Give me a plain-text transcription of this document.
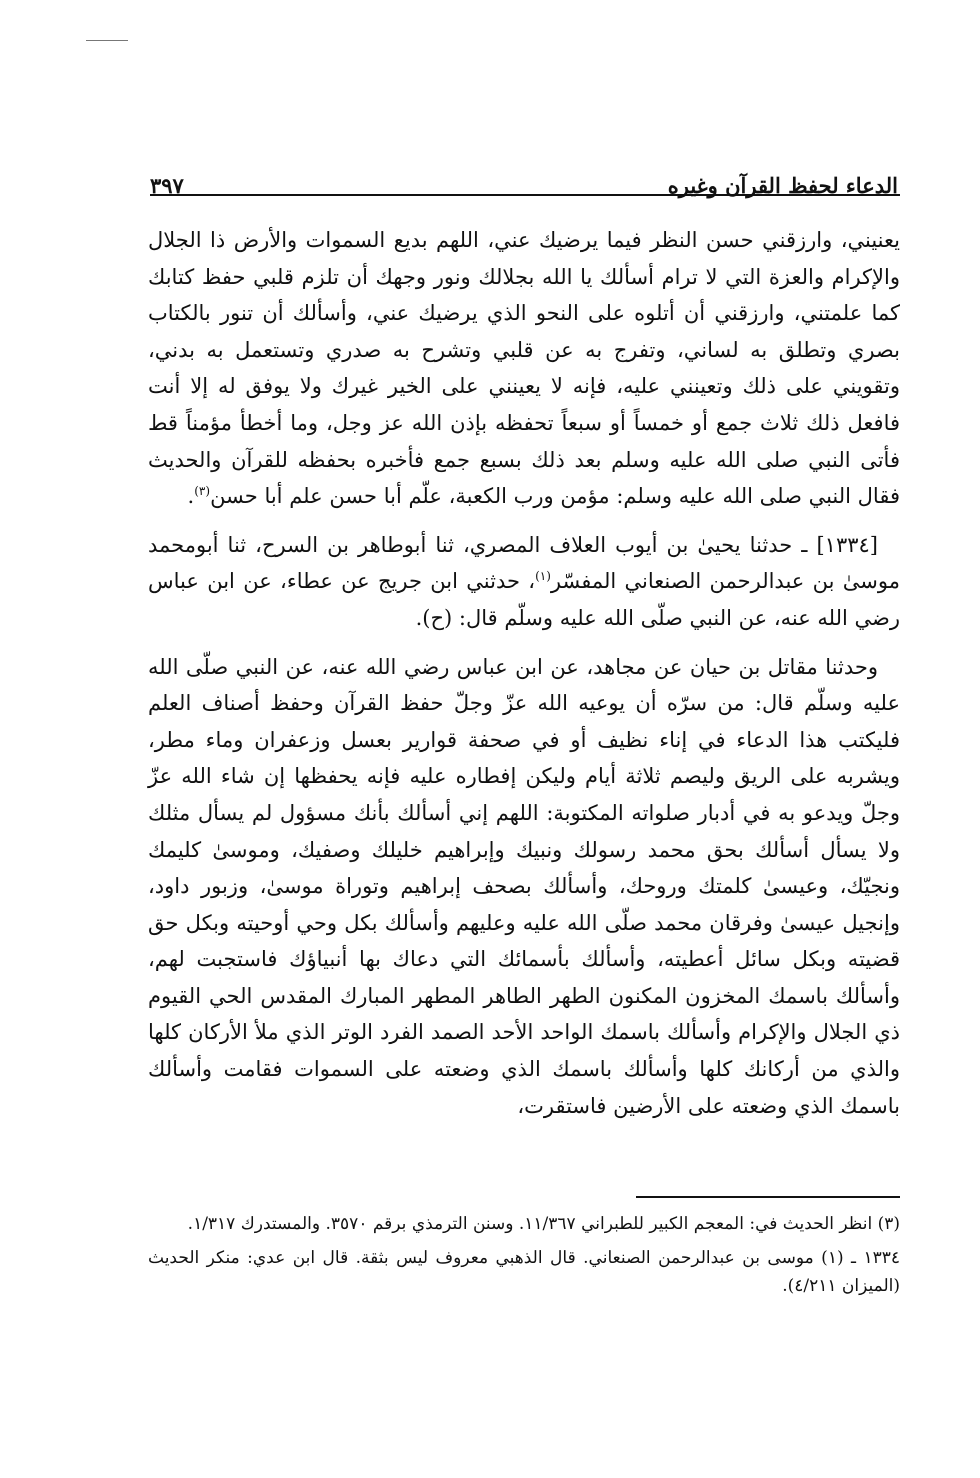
الدعاء لحفظ القرآن وغيره
٣٩٧

يعنيني، وارزقني حسن النظر فيما يرضيك عني، اللهم بديع السموات والأرض ذا الجلال والإكرام والعزة التي لا ترام أسألك يا الله بجلالك ونور وجهك أن تلزم قلبي حفظ كتابك كما علمتني، وارزقني أن أتلوه على النحو الذي يرضيك عني، وأسألك أن تنور بالكتاب بصري وتطلق به لساني، وتفرج به عن قلبي وتشرح به صدري وتستعمل به بدني، وتقويني على ذلك وتعينني عليه، فإنه لا يعينني على الخير غيرك ولا يوفق له إلا أنت فافعل ذلك ثلاث جمع أو خمساً أو سبعاً تحفظه بإذن الله عز وجل، وما أخطأ مؤمناً قط فأتى النبي صلى الله عليه وسلم بعد ذلك بسبع جمع فأخبره بحفظه للقرآن والحديث فقال النبي صلى الله عليه وسلم: مؤمن ورب الكعبة، علّم أبا حسن علم أبا حسن$^{(٣)}$.

[١٣٣٤] ـ حدثنا يحيىٰ بن أيوب العلاف المصري، ثنا أبوطاهر بن السرح، ثنا أبومحمد موسىٰ بن عبدالرحمن الصنعاني المفسّر$^{(١)}$، حدثني ابن جريج عن عطاء، عن ابن عباس رضي الله عنه، عن النبي صلّى الله عليه وسلّم قال: (ح).

وحدثنا مقاتل بن حيان عن مجاهد، عن ابن عباس رضي الله عنه، عن النبي صلّى الله عليه وسلّم قال: من سرّه أن يوعيه الله عزّ وجلّ حفظ القرآن وحفظ أصناف العلم فليكتب هذا الدعاء في إناء نظيف أو في صحفة قوارير بعسل وزعفران وماء مطر، ويشربه على الريق وليصم ثلاثة أيام وليكن إفطاره عليه فإنه يحفظها إن شاء الله عزّ وجلّ ويدعو به في أدبار صلواته المكتوبة: اللهم إني أسألك بأنك مسؤول لم يسأل مثلك ولا يسأل أسألك بحق محمد رسولك ونبيك وإبراهيم خليلك وصفيك، وموسىٰ كليمك ونجيّك، وعيسىٰ كلمتك وروحك، وأسألك بصحف إبراهيم وتوراة موسىٰ، وزبور داود، وإنجيل عيسىٰ وفرقان محمد صلّى الله عليه وعليهم وأسألك بكل وحي أوحيته وبكل حق قضيته وبكل سائل أعطيته، وأسألك بأسمائك التي دعاك بها أنبياؤك فاستجبت لهم، وأسألك باسمك المخزون المكنون الطهر الطاهر المطهر المبارك المقدس الحي القيوم ذي الجلال والإكرام وأسألك باسمك الواحد الأحد الصمد الفرد الوتر الذي ملأ الأركان كلها والذي من أركانك كلها وأسألك باسمك الذي وضعته على السموات فقامت وأسألك باسمك الذي وضعته على الأرضين فاستقرت،

(٣) انظر الحديث في: المعجم الكبير للطبراني ١١/٣٦٧. وسنن الترمذي برقم ٣٥٧٠. والمستدرك ١/٣١٧.

١٣٣٤ ـ (١) موسى بن عبدالرحمن الصنعاني. قال الذهبي معروف ليس بثقة. قال ابن عدي: منكر الحديث (الميزان ٤/٢١١).
